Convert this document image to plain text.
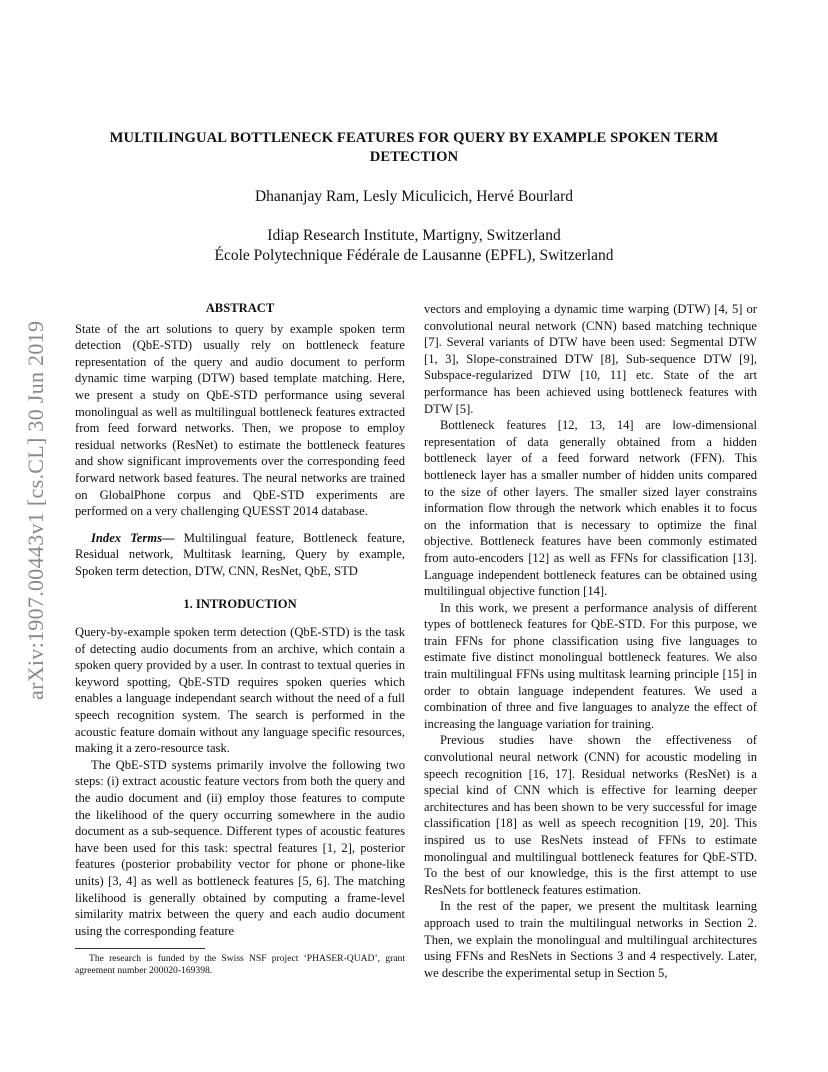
arXiv:1907.00443v1 [cs.CL] 30 Jun 2019
MULTILINGUAL BOTTLENECK FEATURES FOR QUERY BY EXAMPLE SPOKEN TERM
DETECTION
Dhananjay Ram, Lesly Miculicich, Hervé Bourlard
Idiap Research Institute, Martigny, Switzerland
École Polytechnique Fédérale de Lausanne (EPFL), Switzerland
ABSTRACT

State of the art solutions to query by example spoken term detection (QbE-STD) usually rely on bottleneck feature representation of the query and audio document to perform dynamic time warping (DTW) based template matching. Here, we present a study on QbE-STD performance using several monolingual as well as multilingual bottleneck features extracted from feed forward networks. Then, we propose to employ residual networks (ResNet) to estimate the bottleneck features and show significant improvements over the corresponding feed forward network based features. The neural networks are trained on GlobalPhone corpus and QbE-STD experiments are performed on a very challenging QUESST 2014 database.

Index Terms— Multilingual feature, Bottleneck feature, Residual network, Multitask learning, Query by example, Spoken term detection, DTW, CNN, ResNet, QbE, STD

1. INTRODUCTION

Query-by-example spoken term detection (QbE-STD) is the task of detecting audio documents from an archive, which contain a spoken query provided by a user. In contrast to textual queries in keyword spotting, QbE-STD requires spoken queries which enables a language independant search without the need of a full speech recognition system. The search is performed in the acoustic feature domain without any language specific resources, making it a zero-resource task.

The QbE-STD systems primarily involve the following two steps: (i) extract acoustic feature vectors from both the query and the audio document and (ii) employ those features to compute the likelihood of the query occurring somewhere in the audio document as a sub-sequence. Different types of acoustic features have been used for this task: spectral features [1, 2], posterior features (posterior probability vector for phone or phone-like units) [3, 4] as well as bottleneck features [5, 6]. The matching likelihood is generally obtained by computing a frame-level similarity matrix between the query and each audio document using the corresponding feature

The research is funded by the Swiss NSF project ‘PHASER-QUAD’, grant agreement number 200020-169398.

vectors and employing a dynamic time warping (DTW) [4, 5] or convolutional neural network (CNN) based matching technique [7]. Several variants of DTW have been used: Segmental DTW [1, 3], Slope-constrained DTW [8], Sub-sequence DTW [9], Subspace-regularized DTW [10, 11] etc. State of the art performance has been achieved using bottleneck features with DTW [5].

Bottleneck features [12, 13, 14] are low-dimensional representation of data generally obtained from a hidden bottleneck layer of a feed forward network (FFN). This bottleneck layer has a smaller number of hidden units compared to the size of other layers. The smaller sized layer constrains information flow through the network which enables it to focus on the information that is necessary to optimize the final objective. Bottleneck features have been commonly estimated from auto-encoders [12] as well as FFNs for classification [13]. Language independent bottleneck features can be obtained using multilingual objective function [14].

In this work, we present a performance analysis of different types of bottleneck features for QbE-STD. For this purpose, we train FFNs for phone classification using five languages to estimate five distinct monolingual bottleneck features. We also train multilingual FFNs using multitask learning principle [15] in order to obtain language independent features. We used a combination of three and five languages to analyze the effect of increasing the language variation for training.

Previous studies have shown the effectiveness of convolutional neural network (CNN) for acoustic modeling in speech recognition [16, 17]. Residual networks (ResNet) is a special kind of CNN which is effective for learning deeper architectures and has been shown to be very successful for image classification [18] as well as speech recognition [19, 20]. This inspired us to use ResNets instead of FFNs to estimate monolingual and multilingual bottleneck features for QbE-STD. To the best of our knowledge, this is the first attempt to use ResNets for bottleneck features estimation.

In the rest of the paper, we present the multitask learning approach used to train the multilingual networks in Section 2. Then, we explain the monolingual and multilingual architectures using FFNs and ResNets in Sections 3 and 4 respectively. Later, we describe the experimental setup in Section 5,
